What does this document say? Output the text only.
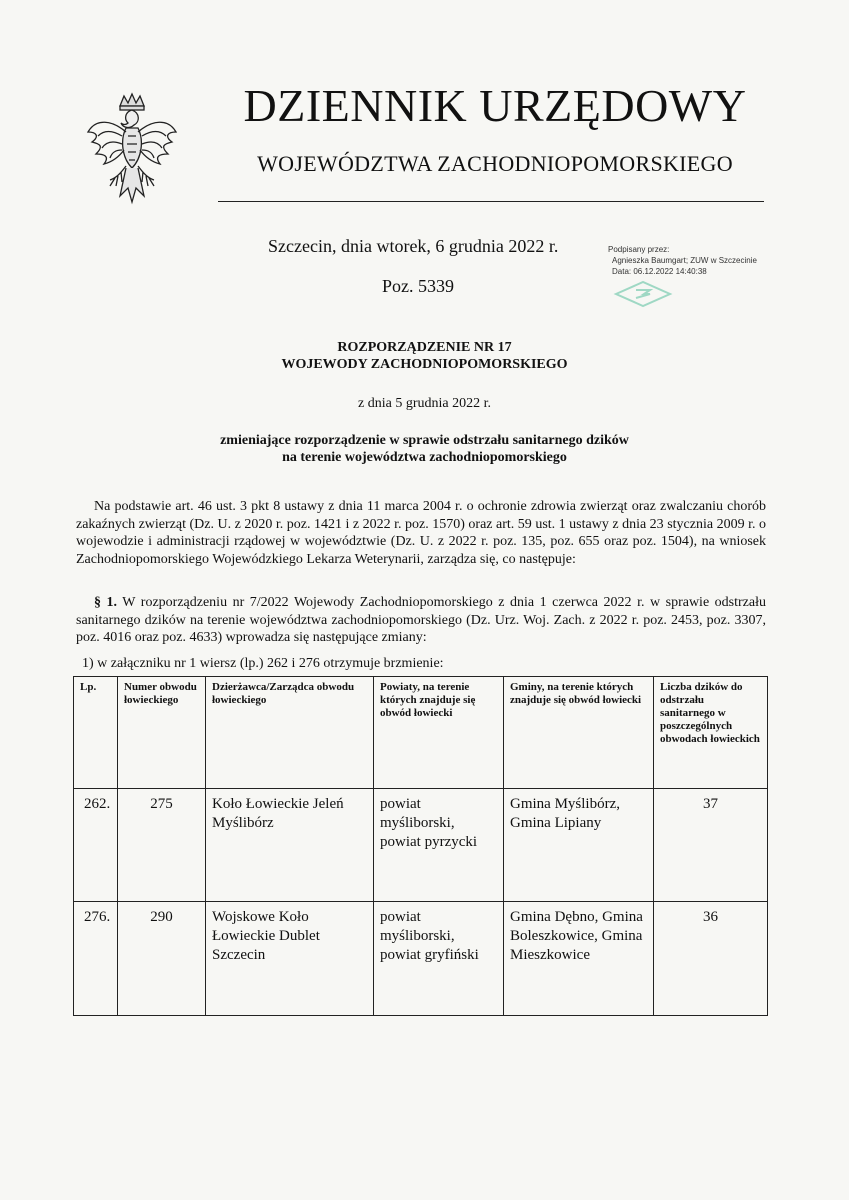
DZIENNIK URZĘDOWY
WOJEWÓDZTWA ZACHODNIOPOMORSKIEGO
Szczecin, dnia wtorek, 6 grudnia 2022 r.
Poz. 5339
Podpisany przez:
Agnieszka Baumgart; ZUW w Szczecinie
Data: 06.12.2022 14:40:38
ROZPORZĄDZENIE NR 17
WOJEWODY ZACHODNIOPOMORSKIEGO
z dnia 5 grudnia 2022 r.
zmieniające rozporządzenie w sprawie odstrzału sanitarnego dzików
na terenie województwa zachodniopomorskiego
Na podstawie art. 46 ust. 3 pkt 8 ustawy z dnia 11 marca 2004 r. o ochronie zdrowia zwierząt oraz zwalczaniu chorób zakaźnych zwierząt (Dz. U. z 2020 r. poz. 1421 i z 2022 r. poz. 1570) oraz art. 59 ust. 1 ustawy z dnia 23 stycznia 2009 r. o wojewodzie i administracji rządowej w województwie (Dz. U. z 2022 r. poz. 135, poz. 655 oraz poz. 1504), na wniosek Zachodniopomorskiego Wojewódzkiego Lekarza Weterynarii, zarządza się, co następuje:
§ 1. W rozporządzeniu nr 7/2022 Wojewody Zachodniopomorskiego z dnia 1 czerwca 2022 r. w sprawie odstrzału sanitarnego dzików na terenie województwa zachodniopomorskiego (Dz. Urz. Woj. Zach. z 2022 r. poz. 2453, poz. 3307, poz. 4016 oraz poz. 4633) wprowadza się następujące zmiany:
1) w załączniku nr 1 wiersz (lp.) 262 i 276 otrzymuje brzmienie:
Lp.	Numer obwodu łowieckiego	Dzierżawca/Zarządca obwodu łowieckiego	Powiaty, na terenie których znajduje się obwód łowiecki	Gminy, na terenie których znajduje się obwód łowiecki	Liczba dzików do odstrzału sanitarnego w poszczególnych obwodach łowieckich
262.	275	Koło Łowieckie Jeleń Myślibórz	powiat myśliborski, powiat pyrzycki	Gmina Myślibórz, Gmina Lipiany	37
276.	290	Wojskowe Koło Łowieckie Dublet Szczecin	powiat myśliborski, powiat gryfiński	Gmina Dębno, Gmina Boleszkowice, Gmina Mieszkowice	36
